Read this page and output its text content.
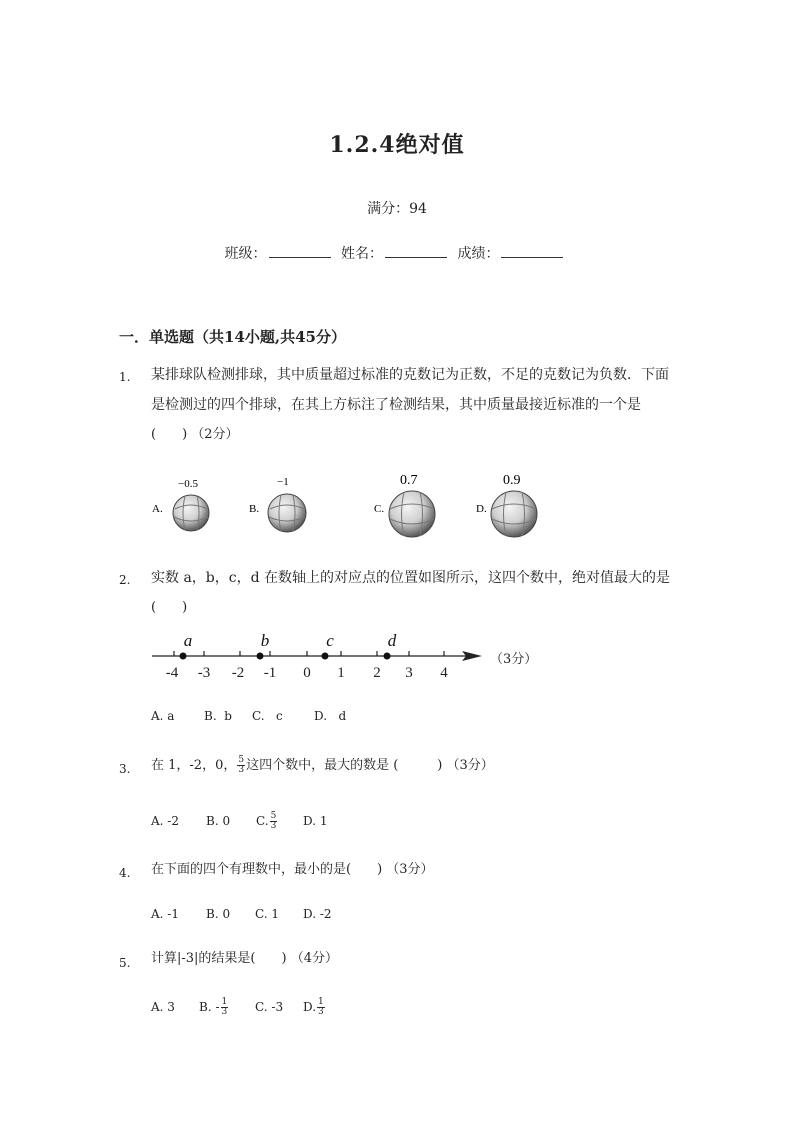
1.2.4绝对值
满分：94
班级：	姓名：	成绩：
一．单选题（共14小题,共45分）
1. 某排球队检测排球，其中质量超过标准的克数记为正数，不足的克数记为负数．下面
是检测过的四个排球，在其上方标注了检测结果，其中质量最接近标准的一个是
(　　) （2分）
A.
−0.5
B.
−1
C.
0.7
D.
0.9
2. 实数 a，b，c，d 在数轴上的对应点的位置如图所示，这四个数中，绝对值最大的是
(　　)
-4 -3 -2 -1 0 1 2 3 4
a	b	c	d
（3分）
A. a B.  b C.   c	D.   d
3. 在 1，-2，0， $\frac{5}{3}$ 这四个数中，最大的数是 (　　　) （3分）
A. -2 B. 0 C. $\frac{5}{3} D$. 1
4. 在下面的四个有理数中，最小的是(　　) （3分）
A. -1 B. 0 C. 1 D. -2
5. 计算|-3|的结果是(　　) （4分）
A. 3 B. - $\frac{1}{3} C$. -3 D. $\frac{1}{3}$
